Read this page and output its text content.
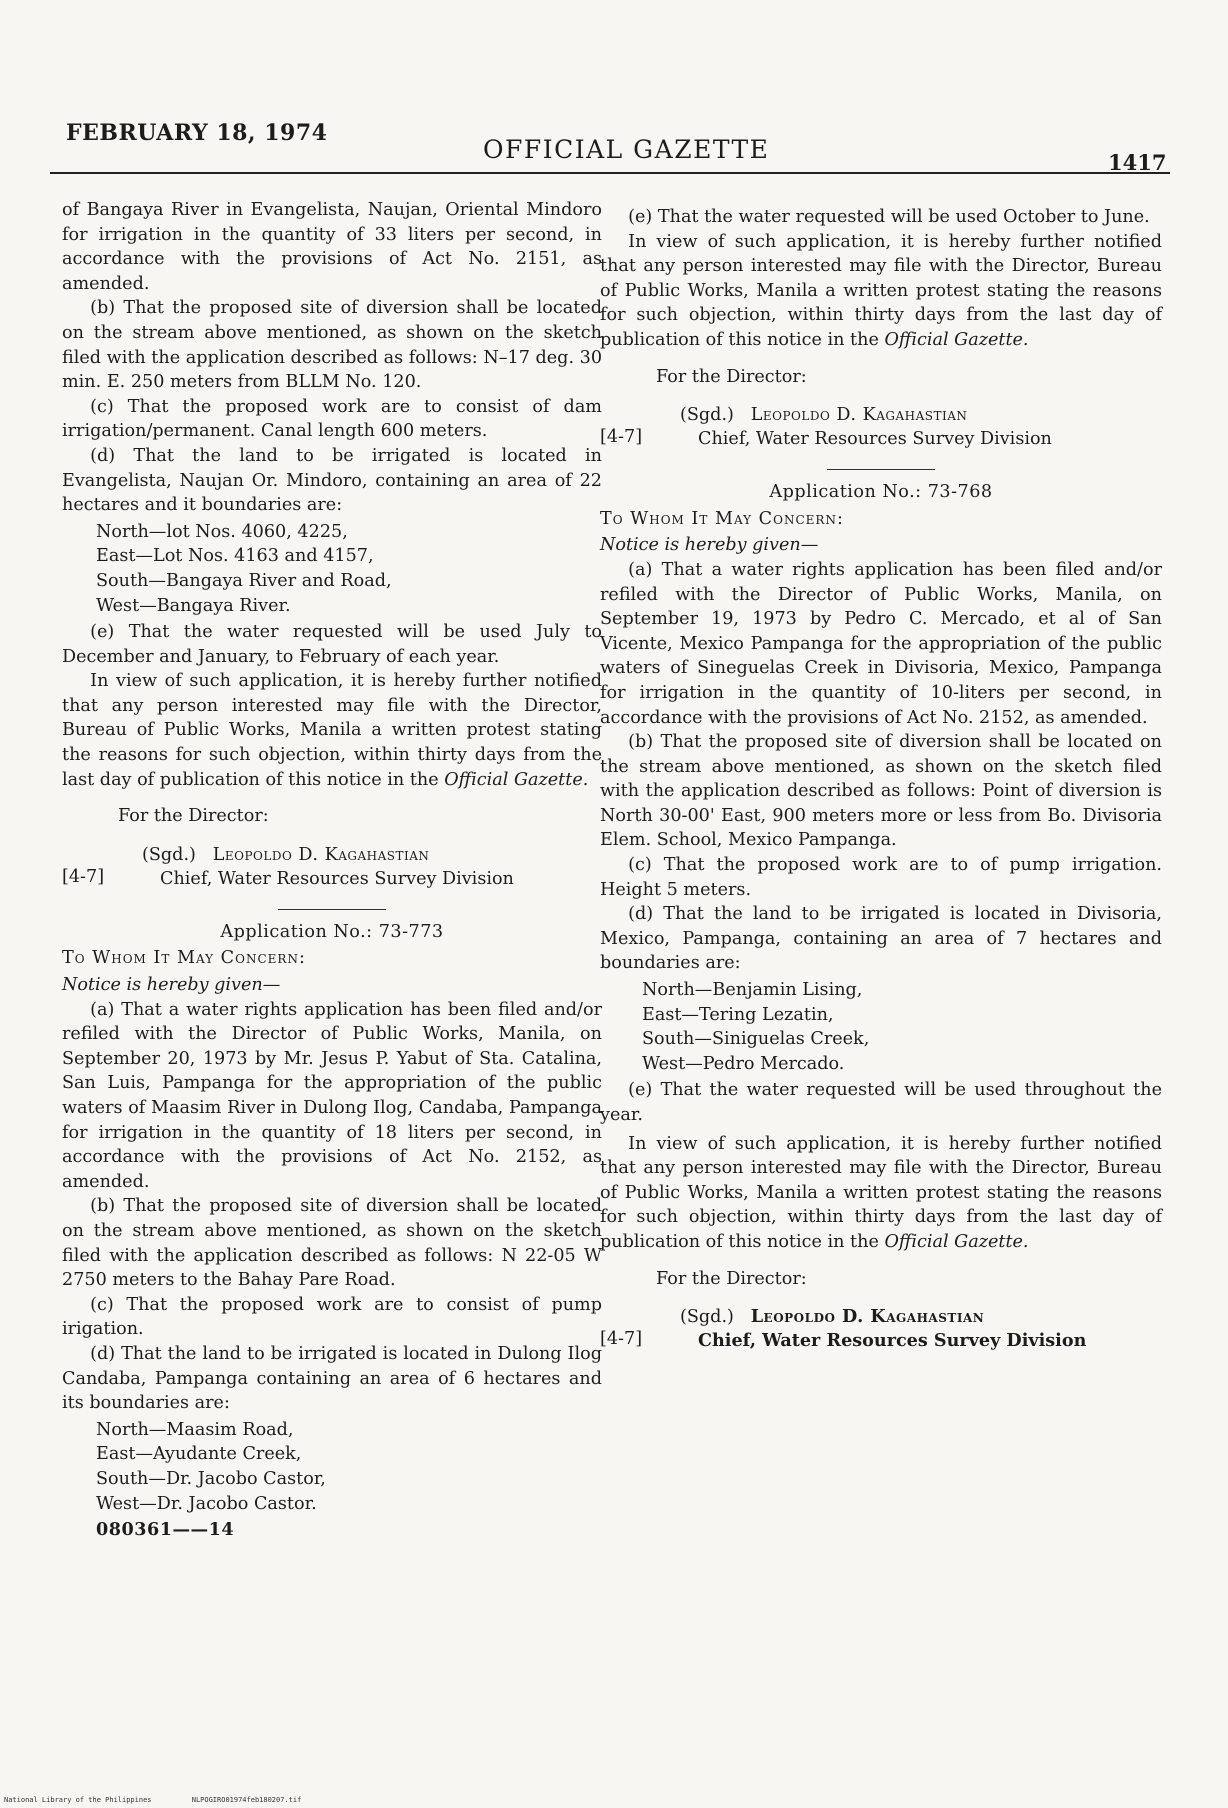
FEBRUARY 18, 1974
OFFICIAL GAZETTE	1417

of Bangaya River in Evangelista, Naujan, Oriental Mindoro for irrigation in the quantity of 33 liters per second, in accordance with the provisions of Act No. 2151, as amended.

(b) That the proposed site of diversion shall be located on the stream above mentioned, as shown on the sketch filed with the application described as follows: N–17 deg. 30 min. E. 250 meters from BLLM No. 120.

(c) That the proposed work are to consist of dam irrigation/permanent. Canal length 600 meters.

(d) That the land to be irrigated is located in Evangelista, Naujan Or. Mindoro, containing an area of 22 hectares and it boundaries are:

North—lot Nos. 4060, 4225,
East—Lot Nos. 4163 and 4157,
South—Bangaya River and Road,
West—Bangaya River.

(e) That the water requested will be used July to December and January, to February of each year.

In view of such application, it is hereby further notified that any person interested may file with the Director, Bureau of Public Works, Manila a written protest stating the reasons for such objection, within thirty days from the last day of publication of this notice in the Official Gazette.

For the Director:
(Sgd.) Leopoldo D. Kagahastian
[4-7]	Chief, Water Resources Survey Division
Application No.: 73-773
To Whom It May Concern:
Notice is hereby given—

(a) That a water rights application has been filed and/or refiled with the Director of Public Works, Manila, on September 20, 1973 by Mr. Jesus P. Yabut of Sta. Catalina, San Luis, Pampanga for the appropriation of the public waters of Maasim River in Dulong Ilog, Candaba, Pampanga for irrigation in the quantity of 18 liters per second, in accordance with the provisions of Act No. 2152, as amended.

(b) That the proposed site of diversion shall be located on the stream above mentioned, as shown on the sketch filed with the application described as follows: N 22-05 W 2750 meters to the Bahay Pare Road.

(c) That the proposed work are to consist of pump irigation.

(d) That the land to be irrigated is located in Dulong Ilog Candaba, Pampanga containing an area of 6 hectares and its boundaries are:

North—Maasim Road,
East—Ayudante Creek,
South—Dr. Jacobo Castor,
West—Dr. Jacobo Castor.
080361——14

(e) That the water requested will be used October to June.

In view of such application, it is hereby further notified that any person interested may file with the Director, Bureau of Public Works, Manila a written protest stating the reasons for such objection, within thirty days from the last day of publication of this notice in the Official Gazette.

For the Director:
(Sgd.) Leopoldo D. Kagahastian
[4-7]	Chief, Water Resources Survey Division
Application No.: 73-768
To Whom It May Concern:
Notice is hereby given—

(a) That a water rights application has been filed and/or refiled with the Director of Public Works, Manila, on September 19, 1973 by Pedro C. Mercado, et al of San Vicente, Mexico Pampanga for the appropriation of the public waters of Sineguelas Creek in Divisoria, Mexico, Pampanga for irrigation in the quantity of 10-liters per second, in accordance with the provisions of Act No. 2152, as amended.

(b) That the proposed site of diversion shall be located on the stream above mentioned, as shown on the sketch filed with the application described as follows: Point of diversion is North 30-00' East, 900 meters more or less from Bo. Divisoria Elem. School, Mexico Pampanga.

(c) That the proposed work are to of pump irrigation. Height 5 meters.

(d) That the land to be irrigated is located in Divisoria, Mexico, Pampanga, containing an area of 7 hectares and boundaries are:

North—Benjamin Lising,
East—Tering Lezatin,
South—Siniguelas Creek,
West—Pedro Mercado.

(e) That the water requested will be used throughout the year.

In view of such application, it is hereby further notified that any person interested may file with the Director, Bureau of Public Works, Manila a written protest stating the reasons for such objection, within thirty days from the last day of publication of this notice in the Official Gazette.

For the Director:
(Sgd.) Leopoldo D. Kagahastian
[4-7]	Chief, Water Resources Survey Division
National Library of the Philippines	NLPOGIRO01974feb180207.tif
